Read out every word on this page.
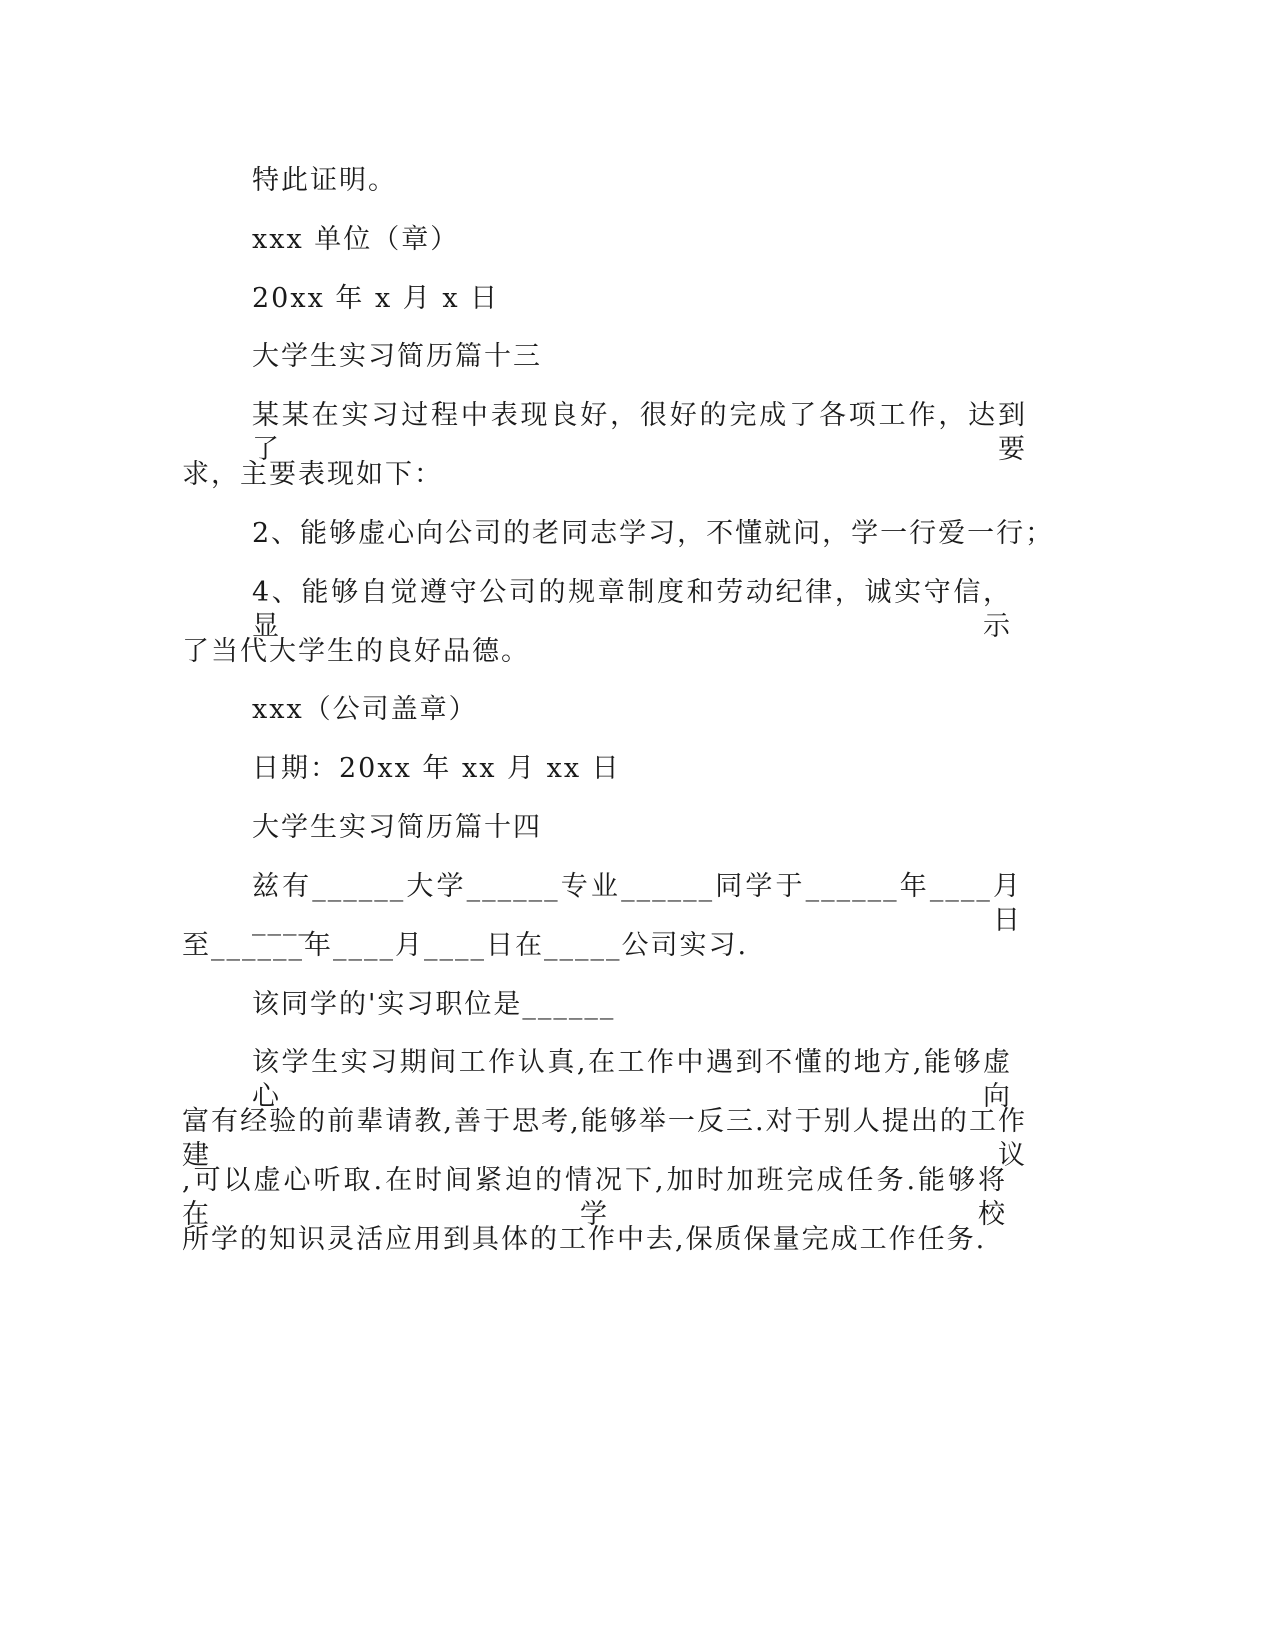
特此证明。
xxx 单位（章）
20xx 年 x 月 x 日
大学生实习简历篇十三
某某在实习过程中表现良好，很好的完成了各项工作，达到了要
求，主要表现如下：
2、能够虚心向公司的老同志学习，不懂就问，学一行爱一行；
4、能够自觉遵守公司的规章制度和劳动纪律，诚实守信，显示
了当代大学生的良好品德。
xxx（公司盖章）
日期：20xx 年 xx 月 xx 日
大学生实习简历篇十四
兹有______大学______专业______同学于______年____月____日
至______年____月____日在_____公司实习.
该同学的'实习职位是______
该学生实习期间工作认真,在工作中遇到不懂的地方,能够虚心向
富有经验的前辈请教,善于思考,能够举一反三.对于别人提出的工作建议
,可以虚心听取.在时间紧迫的情况下,加时加班完成任务.能够将在学校
所学的知识灵活应用到具体的工作中去,保质保量完成工作任务.
